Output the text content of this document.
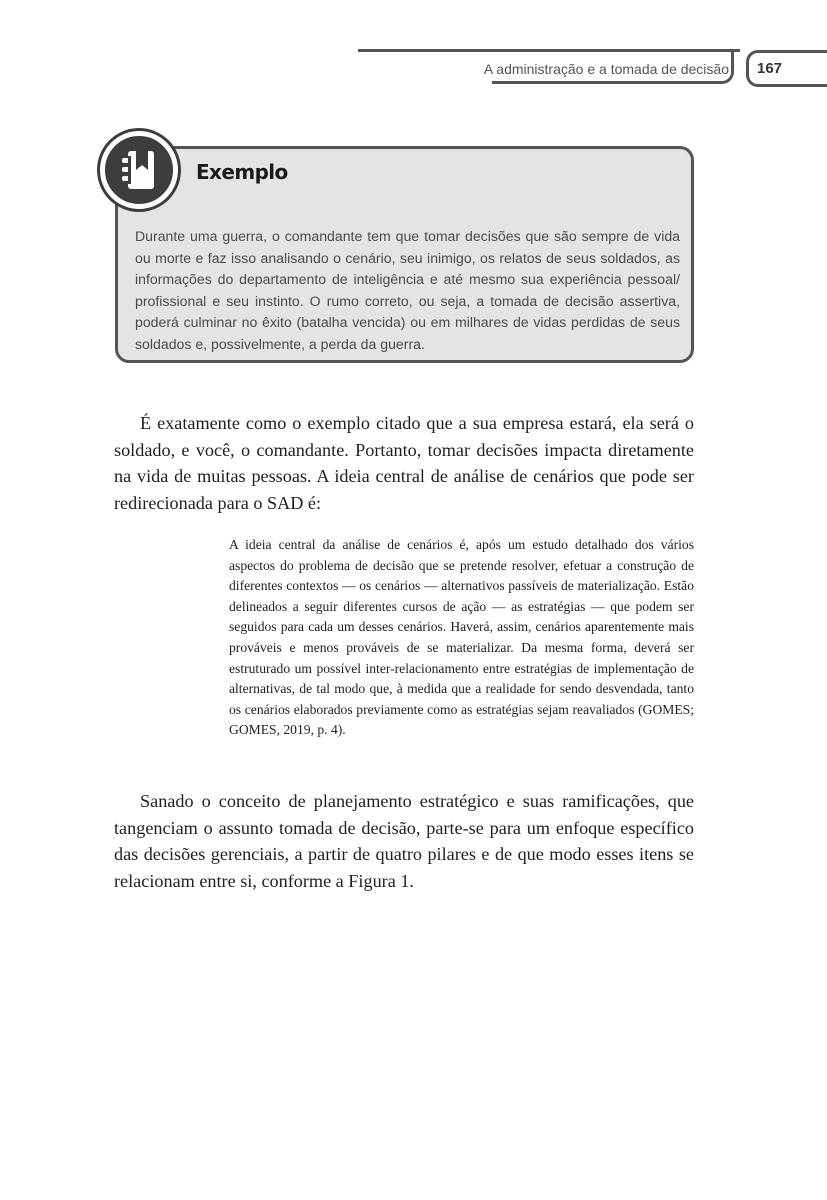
A administração e a tomada de decisão 167
Exemplo

Durante uma guerra, o comandante tem que tomar decisões que são sempre de vida ou morte e faz isso analisando o cenário, seu inimigo, os relatos de seus soldados, as informações do departamento de inteligência e até mesmo sua experiência pessoal/ profissional e seu instinto. O rumo correto, ou seja, a tomada de decisão assertiva, poderá culminar no êxito (batalha vencida) ou em milhares de vidas perdidas de seus soldados e, possivelmente, a perda da guerra.

É exatamente como o exemplo citado que a sua empresa estará, ela será o soldado, e você, o comandante. Portanto, tomar decisões impacta diretamente na vida de muitas pessoas. A ideia central de análise de cenários que pode ser redirecionada para o SAD é:

A ideia central da análise de cenários é, após um estudo detalhado dos vários aspectos do problema de decisão que se pretende resolver, efetuar a construção de diferentes contextos — os cenários — alternativos passíveis de materialização. Estão delineados a seguir diferentes cursos de ação — as estratégias — que podem ser seguidos para cada um desses cenários. Haverá, assim, cenários aparentemente mais prováveis e menos prováveis de se materializar. Da mesma forma, deverá ser estruturado um possível inter-relacionamento entre estratégias de implementação de alternativas, de tal modo que, à medida que a realidade for sendo desvendada, tanto os cenários elaborados previamente como as estratégias sejam reavaliados (GOMES; GOMES, 2019, p. 4).

Sanado o conceito de planejamento estratégico e suas ramificações, que tangenciam o assunto tomada de decisão, parte-se para um enfoque específico das decisões gerenciais, a partir de quatro pilares e de que modo esses itens se relacionam entre si, conforme a Figura 1.
